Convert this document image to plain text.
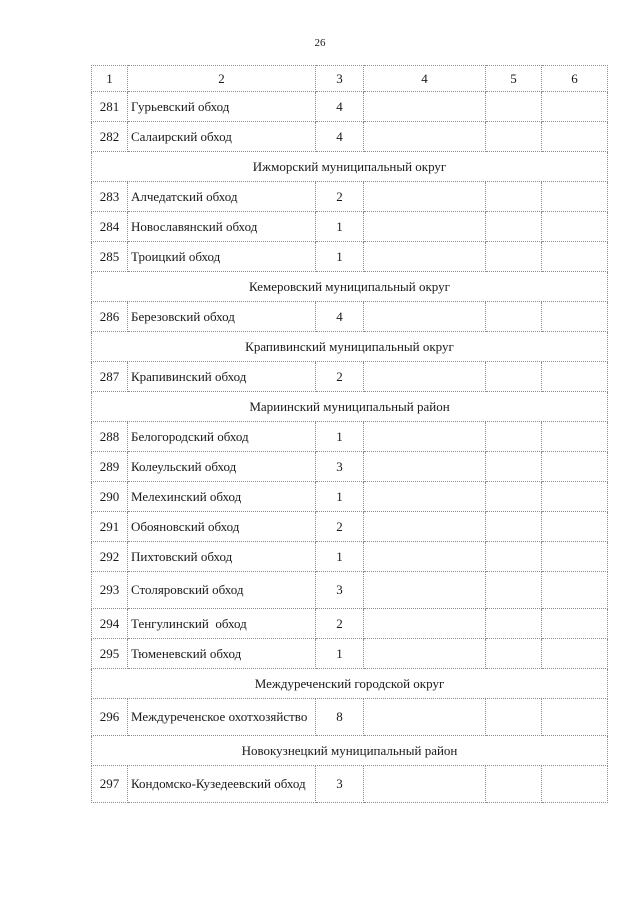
26
1	2	3	4	5	6
281	Гурьевский обход	4			
282	Салаирский обход	4			
Ижморский муниципальный округ					
283	Алчедатский обход	2			
284	Новославянский обход	1			
285	Троицкий обход	1			
Кемеровский муниципальный округ					
286	Березовский обход	4			
Крапивинский муниципальный округ					
287	Крапивинский обход	2			
Мариинский муниципальный район					
288	Белогородский обход	1			
289	Колеульский обход	3			
290	Мелехинский обход	1			
291	Обояновский обход	2			
292	Пихтовский обход	1			
293	Столяровский обход	3			
294	Тенгулинский  обход	2			
295	Тюменевский обход	1			
Междуреченский городской округ					
296	Междуреченское охотхозяйство	8			
Новокузнецкий муниципальный район					
297	Кондомско-Кузедеевский обход	3			
